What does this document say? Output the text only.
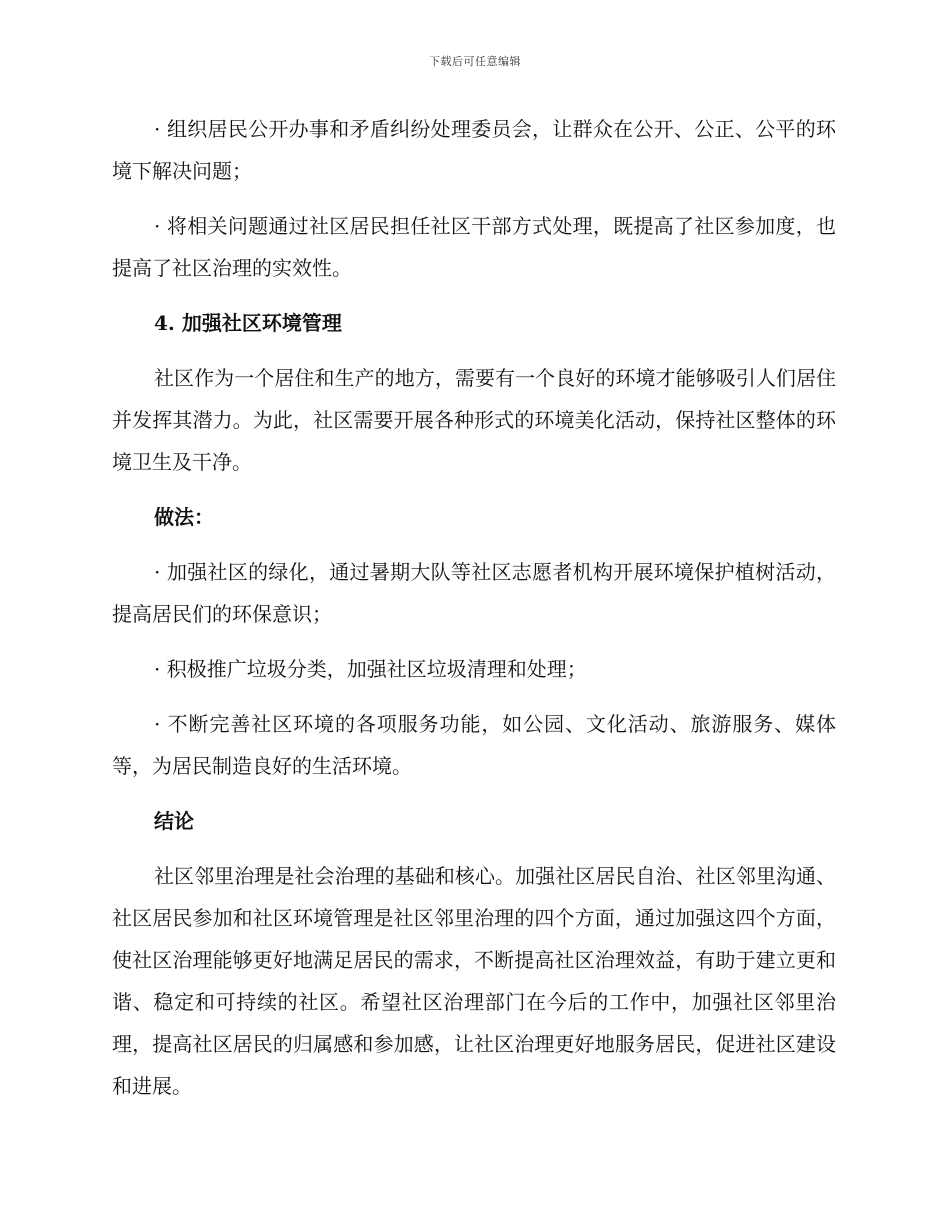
下载后可任意编辑

· 组织居民公开办事和矛盾纠纷处理委员会，让群众在公开、公正、公平的环境下解决问题；

· 将相关问题通过社区居民担任社区干部方式处理，既提高了社区参加度，也提高了社区治理的实效性。

4. 加强社区环境管理

社区作为一个居住和生产的地方，需要有一个良好的环境才能够吸引人们居住并发挥其潜力。为此，社区需要开展各种形式的环境美化活动，保持社区整体的环境卫生及干净。

做法：

· 加强社区的绿化，通过暑期大队等社区志愿者机构开展环境保护植树活动，提高居民们的环保意识；

· 积极推广垃圾分类，加强社区垃圾清理和处理；

· 不断完善社区环境的各项服务功能，如公园、文化活动、旅游服务、媒体等，为居民制造良好的生活环境。

结论

社区邻里治理是社会治理的基础和核心。加强社区居民自治、社区邻里沟通、社区居民参加和社区环境管理是社区邻里治理的四个方面，通过加强这四个方面，使社区治理能够更好地满足居民的需求，不断提高社区治理效益，有助于建立更和谐、稳定和可持续的社区。希望社区治理部门在今后的工作中，加强社区邻里治理，提高社区居民的归属感和参加感，让社区治理更好地服务居民，促进社区建设和进展。
